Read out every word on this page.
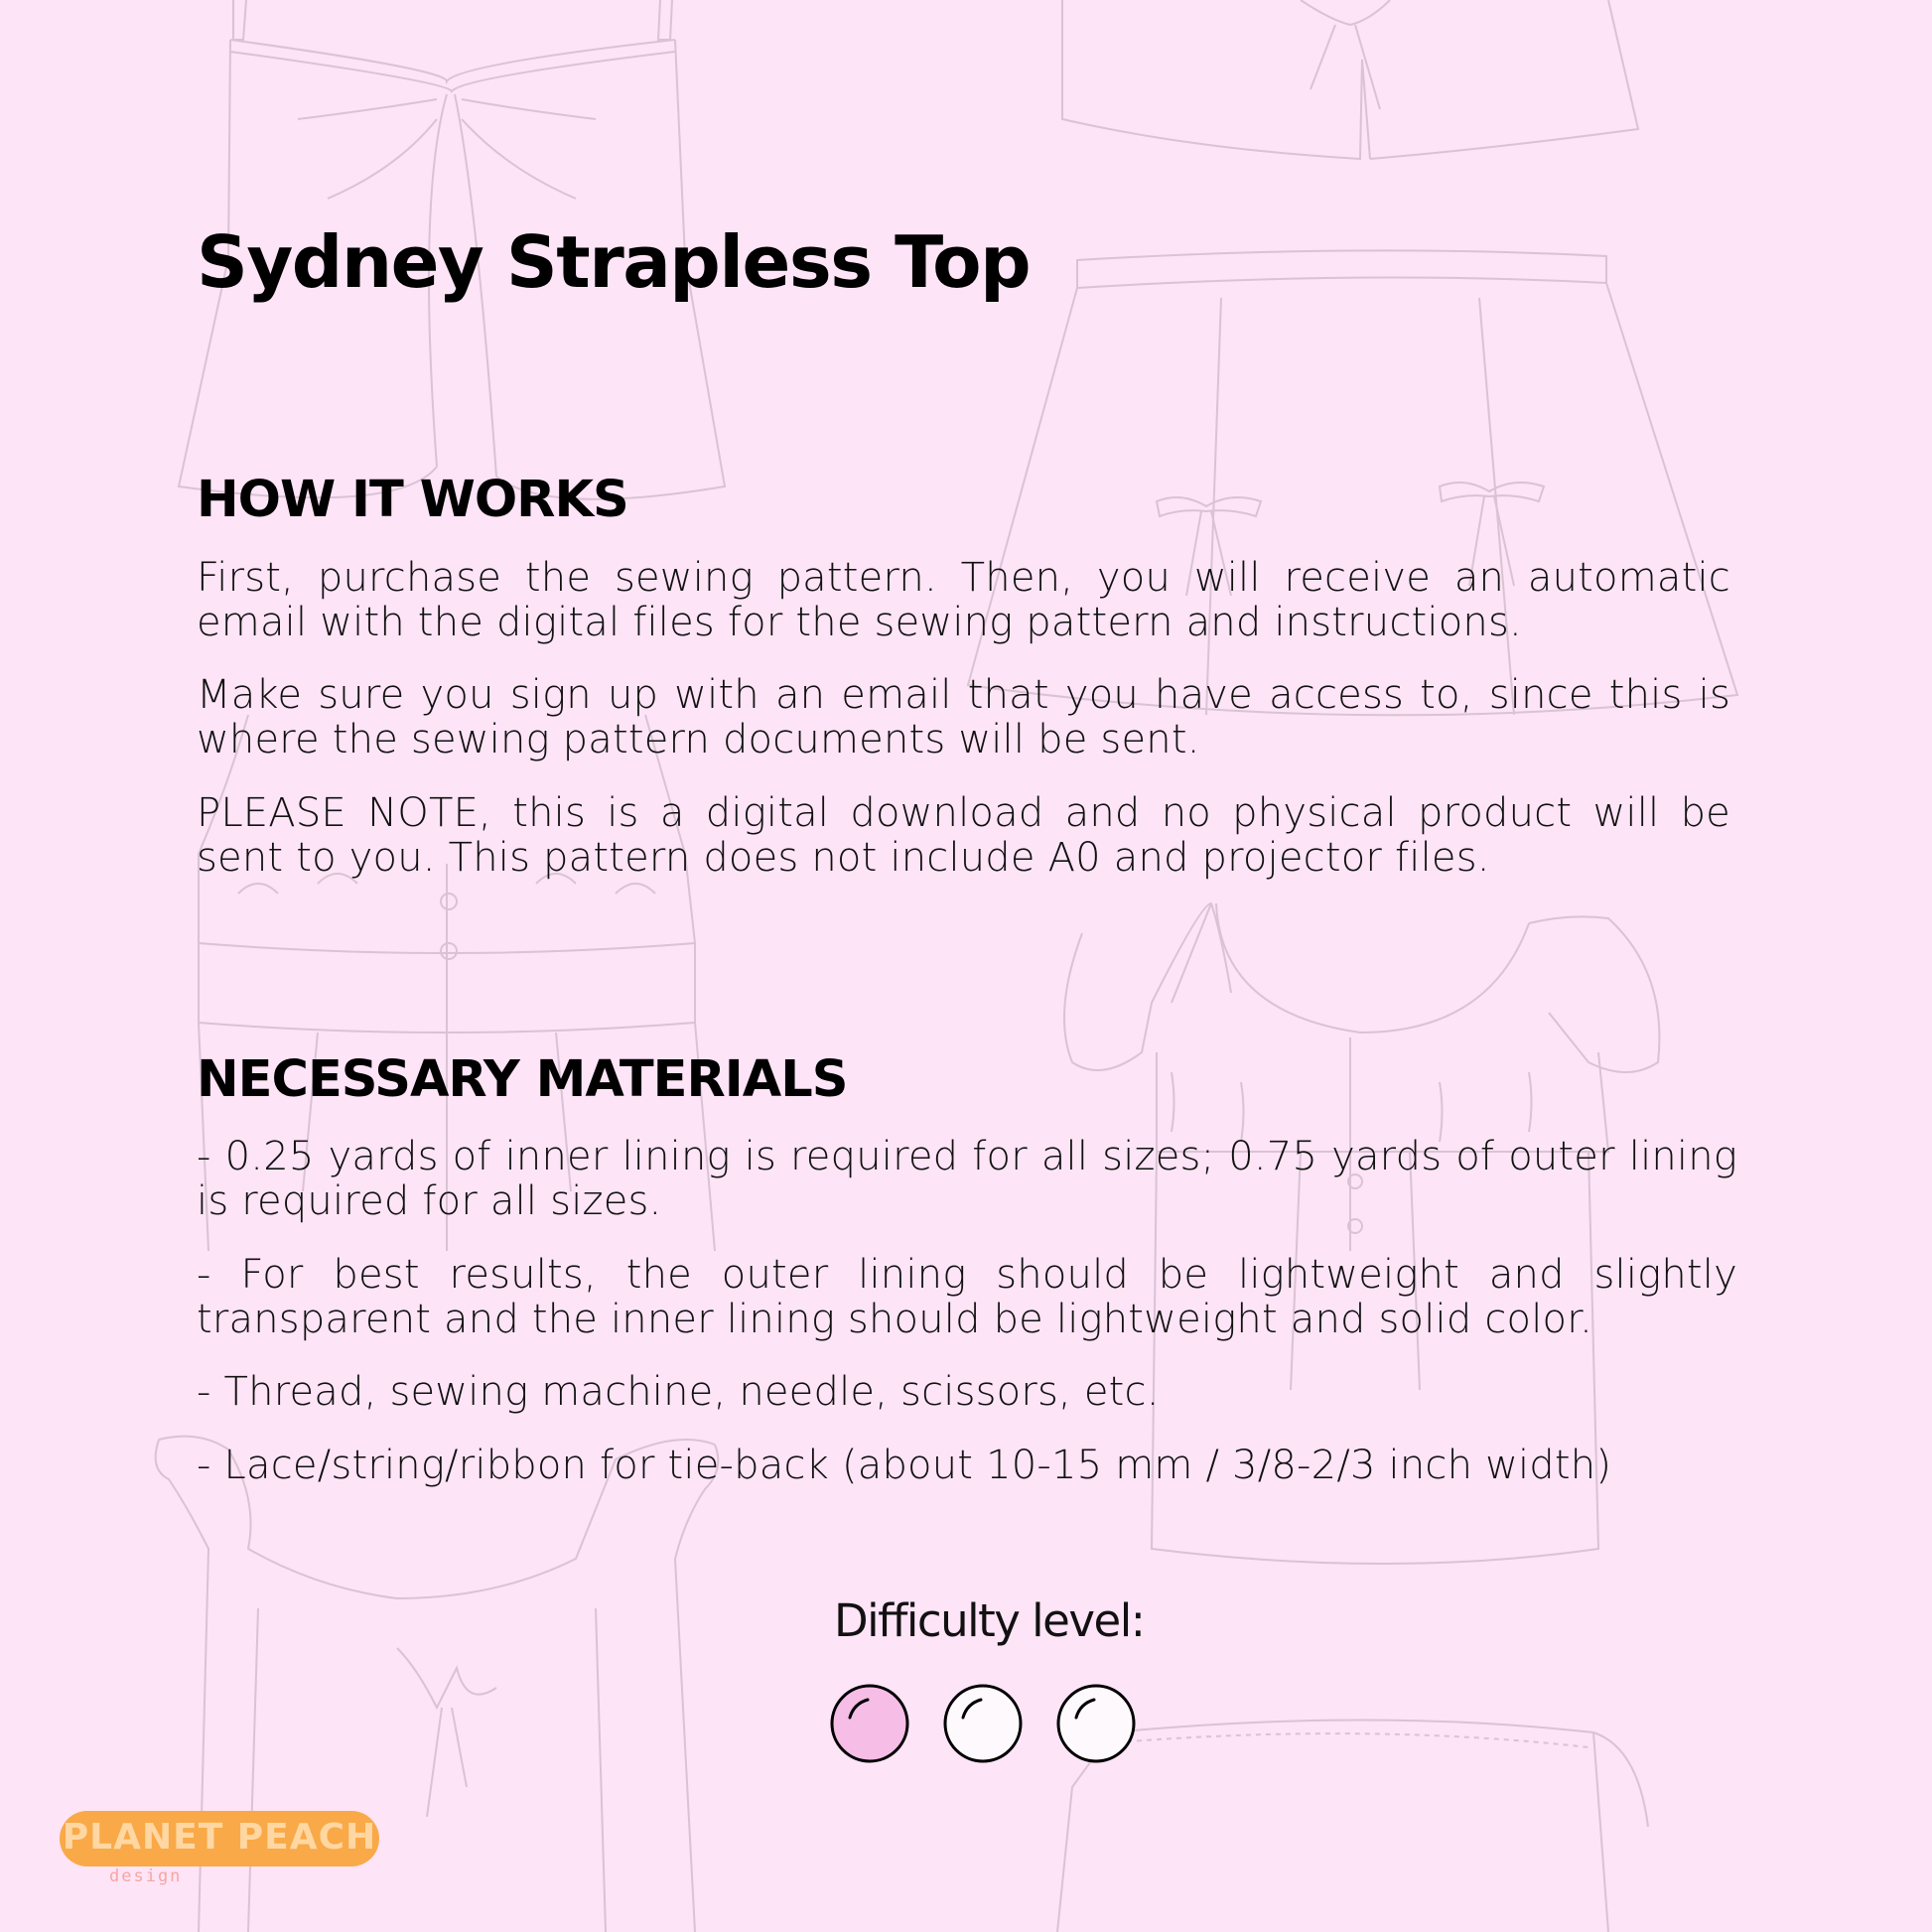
Sydney Strapless Top
HOW IT WORKS

First, purchase the sewing pattern. Then, you will receive an automatic email with the digital files for the sewing pattern and instructions.

Make sure you sign up with an email that you have access to, since this is where the sewing pattern documents will be sent.

PLEASE NOTE, this is a digital download and no physical product will be sent to you. This pattern does not include A0 and projector files.

NECESSARY MATERIALS

- 0.25 yards of inner lining is required for all sizes; 0.75 yards of outer lining is required for all sizes.

- For best results, the outer lining should be lightweight and slightly transparent and the inner lining should be lightweight and solid color.

- Thread, sewing machine, needle, scissors, etc.

- Lace/string/ribbon for tie-back (about 10-15 mm / 3/8-2/3 inch width)

Difficulty level:
PLANET PEACH
design
